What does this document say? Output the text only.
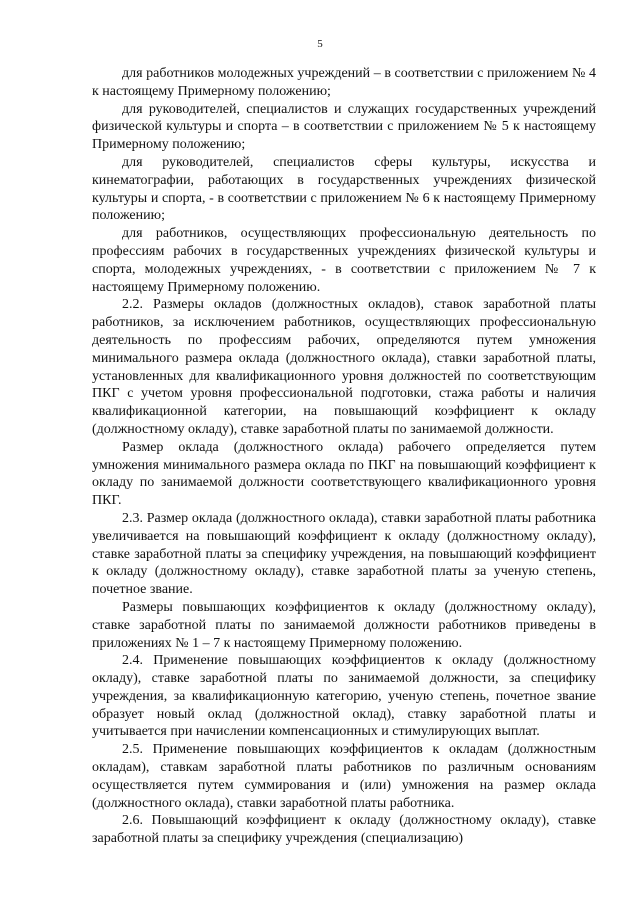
5

для работников молодежных учреждений – в соответствии с приложением № 4 к настоящему Примерному положению;

для руководителей, специалистов и служащих государственных учреждений физической культуры и спорта – в соответствии с приложением № 5 к настоящему Примерному положению;

для руководителей, специалистов сферы культуры, искусства и кинематографии, работающих в государственных учреждениях физической культуры и спорта, - в соответствии с приложением № 6 к настоящему Примерному положению;

для работников, осуществляющих профессиональную деятельность по профессиям рабочих в государственных учреждениях физической культуры и спорта, молодежных учреждениях, - в соответствии с приложением № 7 к настоящему Примерному положению.

2.2. Размеры окладов (должностных окладов), ставок заработной платы работников, за исключением работников, осуществляющих профессиональную деятельность по профессиям рабочих, определяются путем умножения минимального размера оклада (должностного оклада), ставки заработной платы, установленных для квалификационного уровня должностей по соответствующим ПКГ с учетом уровня профессиональной подготовки, стажа работы и наличия квалификационной категории, на повышающий коэффициент к окладу (должностному окладу), ставке заработной платы по занимаемой должности.

Размер оклада (должностного оклада) рабочего определяется путем умножения минимального размера оклада по ПКГ на повышающий коэффициент к окладу по занимаемой должности соответствующего квалификационного уровня ПКГ.

2.3. Размер оклада (должностного оклада), ставки заработной платы работника увеличивается на повышающий коэффициент к окладу (должностному окладу), ставке заработной платы за специфику учреждения, на повышающий коэффициент к окладу (должностному окладу), ставке заработной платы за ученую степень, почетное звание.

Размеры повышающих коэффициентов к окладу (должностному окладу), ставке заработной платы по занимаемой должности работников приведены в приложениях № 1 – 7 к настоящему Примерному положению.

2.4. Применение повышающих коэффициентов к окладу (должностному окладу), ставке заработной платы по занимаемой должности, за специфику учреждения, за квалификационную категорию, ученую степень, почетное звание образует новый оклад (должностной оклад), ставку заработной платы и учитывается при начислении компенсационных и стимулирующих выплат.

2.5. Применение повышающих коэффициентов к окладам (должностным окладам), ставкам заработной платы работников по различным основаниям осуществляется путем суммирования и (или) умножения на размер оклада (должностного оклада), ставки заработной платы работника.

2.6. Повышающий коэффициент к окладу (должностному окладу), ставке заработной платы за специфику учреждения (специализацию)
